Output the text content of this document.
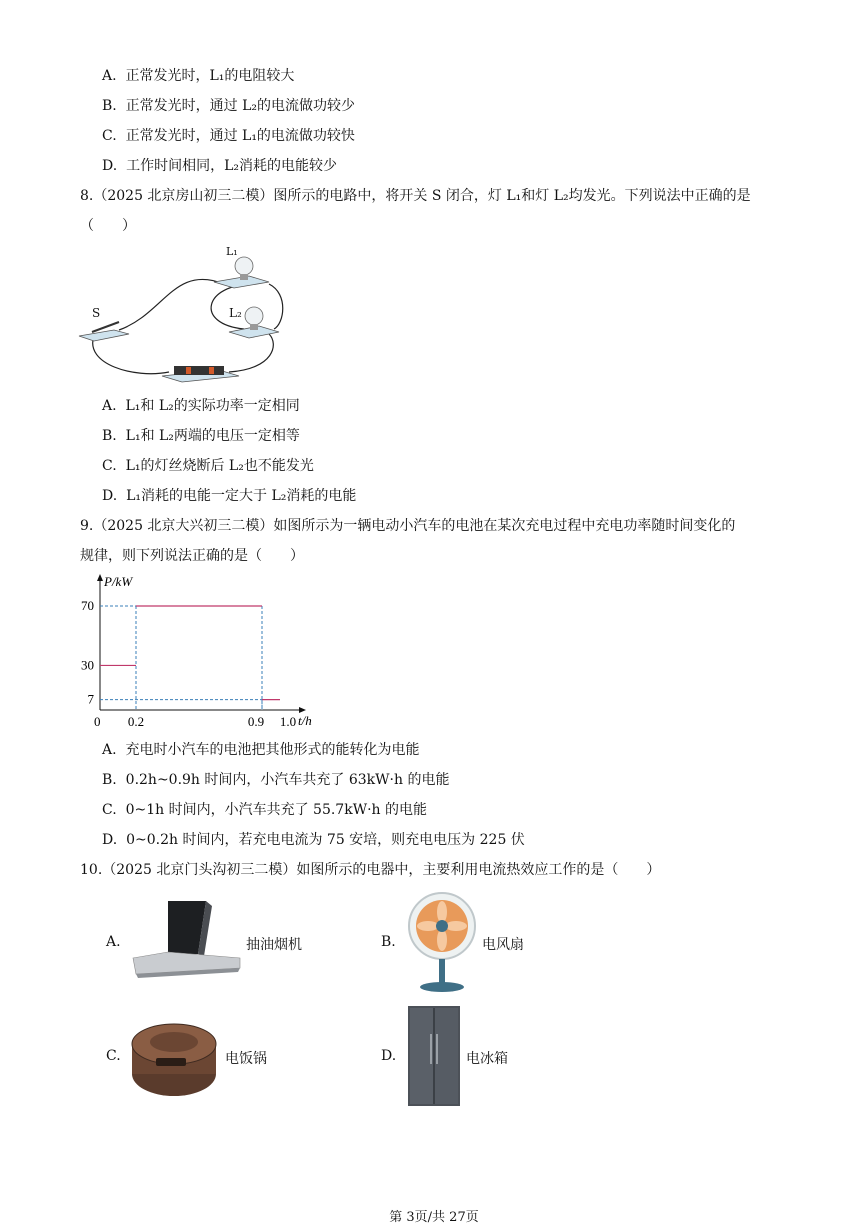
A. 正常发光时，L₁的电阻较大
B. 正常发光时，通过 L₂的电流做功较少
C. 正常发光时，通过 L₁的电流做功较快
D. 工作时间相同，L₂消耗的电能较少
8.（2025 北京房山初三二模）图所示的电路中，将开关 S 闭合，灯 L₁和灯 L₂均发光。下列说法中正确的是
（　　）
S
L₁
L₂
A. L₁和 L₂的实际功率一定相同
B. L₁和 L₂两端的电压一定相等
C. L₁的灯丝烧断后 L₂也不能发光
D. L₁消耗的电能一定大于 L₂消耗的电能
9.（2025 北京大兴初三二模）如图所示为一辆电动小汽车的电池在某次充电过程中充电功率随时间变化的
规律，则下列说法正确的是（　　）
P/kW
t/h
0
70
30
7
0.2	0.9 1.0
A. 充电时小汽车的电池把其他形式的能转化为电能
B. 0.2h~0.9h 时间内，小汽车共充了 63kW·h 的电能
C. 0~1h 时间内，小汽车共充了 55.7kW·h 的电能
D. 0~0.2h 时间内，若充电电流为 75 安培，则充电电压为 225 伏
10.（2025 北京门头沟初三二模）如图所示的电器中，主要利用电流热效应工作的是（　　）
A.	抽油烟机	B.	电风扇
C.	电饭锅	D.	电冰箱
第 3页/共 27页
